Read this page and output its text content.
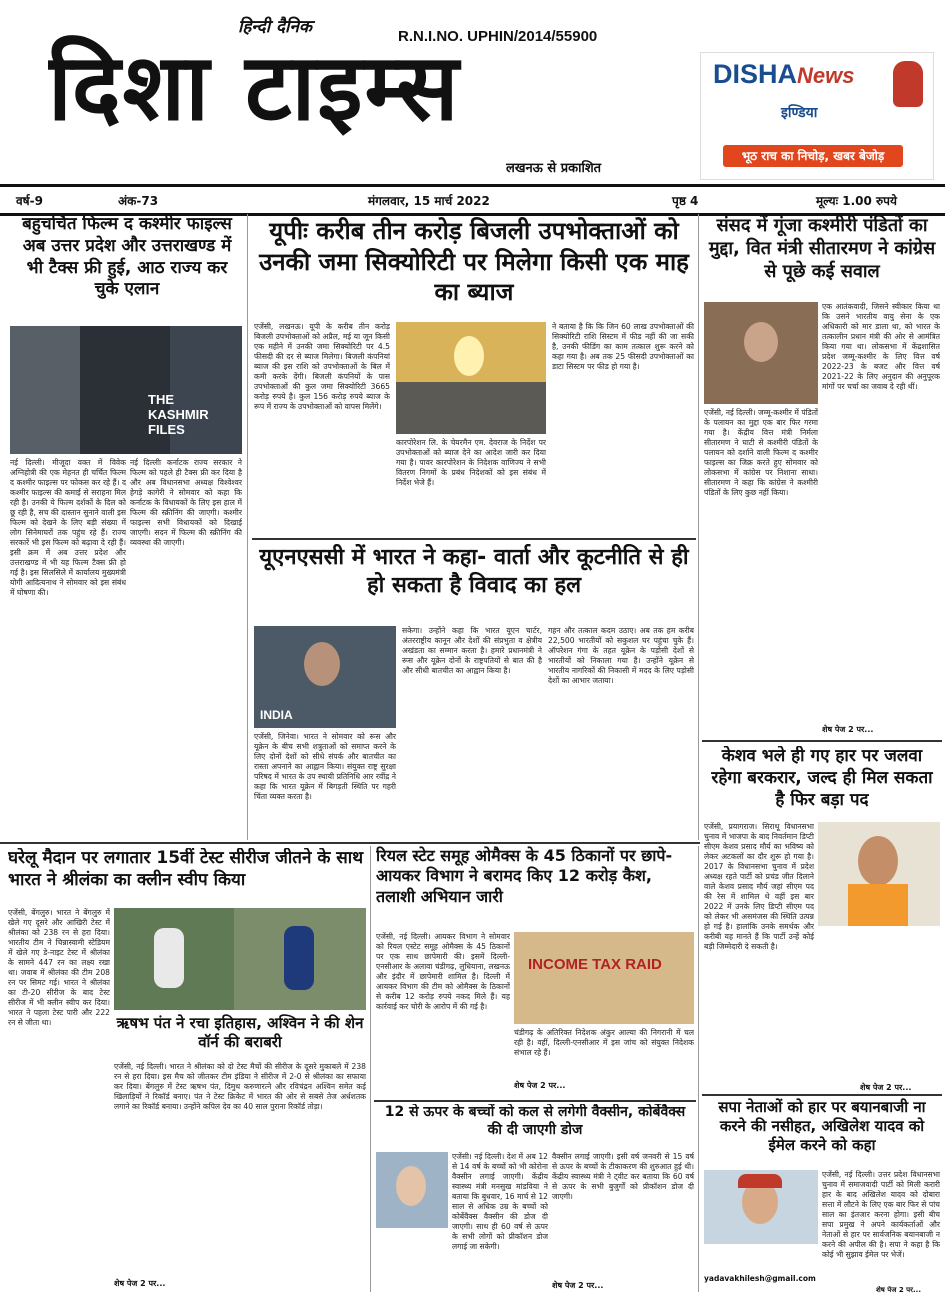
हिन्दी दैनिक
दिशा टाइम्स
R.N.I.NO. UPHIN/2014/55900
लखनऊ से प्रकाशित
DISHANews
इण्डिया
भूठ राच का निचोड़, खबर बेजोड़
वर्ष-9	अंक-73	मंगलवार, 15 मार्च 2022	पृष्ठ 4	मूल्यः 1.00 रुपये
बहुचर्चित फिल्म द कश्मीर फाइल्स अब उत्तर प्रदेश और उत्तराखण्ड में भी टैक्स फ्री हुई, आठ राज्य कर चुके एलान
THE KASHMIR FILES
नई दिल्ली। मीजूदा वक्त में विवेक अग्निहोत्री की एक मेहनत ही चर्चित फिल्म द कश्मीर फाइल्स पर फोकस कर रहे हैं। द कश्मीर फाइल्स की कमाई से सराहना मिल रही है। उनकी ये फिल्म दर्शकों के दिल को छू रही है, सच की दास्तान सुनाने वाली इस फिल्म को देखने के लिए बड़ी संख्या में लोग सिनेमाघरों तक पहुंच रहे हैं। राज्य सरकारें भी इस फिल्म को बढ़ावा दे रही हैं। इसी क्रम में अब उत्तर प्रदेश और उत्तराखण्ड में भी यह फिल्म टैक्स फ्री हो गई है। इस सिलसिले में कार्यालय मुख्यमंत्री योगी आदित्यनाथ ने सोमवार को इस संबंध में घोषणा की।
नई दिल्लीः कर्नाटक राज्य सरकार ने फिल्म को पहले ही टैक्स फ्री कर दिया है और अब विधानसभा अध्यक्ष विश्वेश्वर हेगड़े कागेरी ने सोमवार को कहा कि कर्नाटक के विधायकों के लिए इस हाल में फिल्म की स्क्रीनिंग की जाएगी। कश्मीर फाइल्स सभी विधायकों को दिखाई जाएगी। सदन में फिल्म की स्क्रीनिंग की व्यवस्था की जाएगी।
यूपीः करीब तीन करोड़ बिजली उपभोक्ताओं को उनकी जमा सिक्योरिटी पर मिलेगा किसी एक माह का ब्याज
एजेंसी, लखनऊ। यूपी के करीब तीन करोड़ बिजली उपभोक्ताओं को अप्रैल, मई या जून किसी एक महीने में उनकी जमा सिक्योरिटी पर 4.5 फीसदी की दर से ब्याज मिलेगा। बिजली कंपनियां ब्याज की इस राशि को उपभोक्ताओं के बिल में कमी करके देंगी। बिजली कंपनियों के पास उपभोक्ताओं की कुल जमा सिक्योरिटी 3665 करोड़ रुपये है। कुल 156 करोड़ रुपये ब्याज के रूप में राज्य के उपभोक्ताओं को वापस मिलेंगे।
कारपोरेशन लि. के चेयरमैन एम. देवराज के निर्देश पर उपभोक्ताओं को ब्याज देने का आदेश जारी कर दिया गया है। पावर कारपोरेशन के निदेशक वाणिज्य ने सभी वितरण निगमों के प्रबंध निदेशकों को इस संबंध में निर्देश भेजे हैं।
ने बताया है कि कि जिन 60 लाख उपभोक्ताओं की सिक्योरिटी राशि सिस्टम में फीड नहीं की जा सकी है, उनकी फीडिंग का काम तत्काल शुरू करने को कहा गया है। अब तक 25 फीसदी उपभोक्ताओं का डाटा सिस्टम पर फीड हो गया है।
संसद में गूंजा कश्मीरी पंडितों का मुद्दा, वित मंत्री सीतारमण ने कांग्रेस से पूछे कई सवाल
एजेंसी, नई दिल्ली। जम्मू-कश्मीर में पंडितों के पलायन का मुद्दा एक बार फिर गरमा गया है। केंद्रीय वित्त मंत्री निर्मला सीतारमण ने घाटी से कश्मीरी पंडितों के पलायन को दर्शाने वाली फिल्म द कश्मीर फाइल्स का जिक्र करते हुए सोमवार को लोकसभा में कांग्रेस पर निशाना साधा। सीतारमण ने कहा कि कांग्रेस ने कश्मीरी पंडितों के लिए कुछ नहीं किया।
एक आतंकवादी, जिसने स्वीकार किया था कि उसने भारतीय वायु सेना के एक अधिकारी को मार डाला था, को भारत के तत्कालीन प्रधान मंत्री की ओर से आमंत्रित किया गया था। लोकसभा में केंद्रशासित प्रदेश जम्मू-कश्मीर के लिए वित्त वर्ष 2022-23 के बजट और वित्त वर्ष 2021-22 के लिए अनुदान की अनुपूरक मांगों पर चर्चा का जवाब दे रही थीं।
शेष पेज 2 पर...
यूएनएससी में भारत ने कहा- वार्ता और कूटनीति से ही हो सकता है विवाद का हल
INDIA
एजेंसी, जिनेवा। भारत ने सोमवार को रूस और यूक्रेन के बीच सभी शत्रुताओं को समाप्त करने के लिए दोनों देशों को सीधे संपर्क और बातचीत का रास्ता अपनाने का आह्वान किया। संयुक्त राष्ट्र सुरक्षा परिषद में भारत के उप स्थायी प्रतिनिधि आर रवींद्र ने कहा कि भारत यूक्रेन में बिगड़ती स्थिति पर गहरी चिंता व्यक्त करता है।
सकेगा। उन्होंने कहा कि भारत यूएन चार्टर, अंतरराष्ट्रीय कानून और देशों की संप्रभुता व क्षेत्रीय अखंडता का सम्मान करता है। हमारे प्रधानमंत्री ने रूस और यूक्रेन दोनों के राष्ट्रपतियों से बात की है और सीधी बातचीत का आह्वान किया है।
गहन और तत्काल कदम उठाए। अब तक हम करीब 22,500 भारतीयों को सकुशल घर पहुंचा चुके हैं। ऑपरेशन गंगा के तहत यूक्रेन के पड़ोसी देशों से भारतीयों को निकाला गया है। उन्होंने यूक्रेन से भारतीय नागरिकों की निकासी में मदद के लिए पड़ोसी देशों का आभार जताया।
केशव भले ही गए हार पर जलवा रहेगा बरकरार, जल्द ही मिल सकता है फिर बड़ा पद
घरेलू मैदान पर लगातार 15वीं टेस्ट सीरीज जीतने के साथ भारत ने श्रीलंका का क्लीन स्वीप किया
एजेंसी, बेंगलुरु। भारत ने बेंगलुरु में खेले गए दूसरे और आखिरी टेस्ट में श्रीलंका को 238 रन से हरा दिया। भारतीय टीम ने चिन्नास्वामी स्टेडियम में खेले गए डे-नाइट टेस्ट में श्रीलंका के सामने 447 रन का लक्ष्य रखा था। जवाब में श्रीलंका की टीम 208 रन पर सिमट गई। भारत ने श्रीलंका का टी-20 सीरीज के बाद टेस्ट सीरीज में भी क्लीन स्वीप कर दिया। भारत ने पहला टेस्ट पारी और 222 रन से जीता था।	ऋषभ पंत ने रचा इतिहास, अश्विन ने की शेन वॉर्न की बराबरी
एजेंसी, नई दिल्ली। भारत ने श्रीलंका को दो टेस्ट मैचों की सीरीज के दूसरे मुकाबले में 238 रन से हरा दिया। इस मैच को जीतकर टीम इंडिया ने सीरीज में 2-0 से श्रीलंका का सफाया कर दिया। बेंगलुरु में टेस्ट ऋषभ पंत, दिमुथ करुणारत्ने और रविचंद्रन अश्विन समेत कई खिलाड़ियों ने रिकॉर्ड बनाए। पंत ने टेस्ट क्रिकेट में भारत की ओर से सबसे तेज अर्धशतक लगाने का रिकॉर्ड बनाया। उन्होंने कपिल देव का 40 साल पुराना रिकॉर्ड तोड़ा।
शेष पेज 2 पर...
रियल स्टेट समूह ओमैक्स के 45 ठिकानों पर छापे- आयकर विभाग ने बरामद किए 12 करोड़ कैश, तलाशी अभियान जारी
एजेंसी, नई दिल्ली। आयकर विभाग ने सोमवार को रियल एस्टेट समूह ओमैक्स के 45 ठिकानों पर एक साथ छापेमारी की। इसमें दिल्ली-एनसीआर के अलावा चंडीगढ़, लुधियाना, लखनऊ और इंदौर में छापेमारी शामिल है। दिल्ली में आयकर विभाग की टीम को ओमैक्स के ठिकानों से करीब 12 करोड़ रुपये नकद मिले हैं। यह कार्रवाई कर चोरी के आरोप में की गई है।
INCOME TAX RAID
चंडीगढ़ के अतिरिक्त निदेशक अंकुर आल्या की निगरानी में चल रही है। वहीं, दिल्ली-एनसीआर में इस जांच को संयुक्त निदेशक संभाल रहे हैं।
शेष पेज 2 पर...
12 से ऊपर के बच्चों को कल से लगेगी वैक्सीन, कोर्बेवैक्स की दी जाएगी डोज
एजेंसी। नई दिल्ली। देश में अब 12 से 14 वर्ष के बच्चों को भी कोरोना वैक्सीन लगाई जाएगी। केंद्रीय स्वास्थ्य मंत्री मनसुख मांडविया ने बताया कि बुधवार, 16 मार्च से 12 साल से अधिक उम्र के बच्चों को कोर्बेवैक्स वैक्सीन की डोज दी जाएगी। साथ ही 60 वर्ष से ऊपर के सभी लोगों को प्रीकॉशन डोज लगाई जा सकेगी।
वैक्सीन लगाई जाएगी। इसी वर्ष जनवरी से 15 वर्ष से ऊपर के बच्चों के टीकाकरण की शुरुआत हुई थी। केंद्रीय स्वास्थ्य मंत्री ने ट्वीट कर बताया कि 60 वर्ष से ऊपर के सभी बुजुर्गों को प्रीकॉशन डोज दी जाएगी।
शेष पेज 2 पर...
एजेंसी, प्रयागराज। सिराथू विधानसभा चुनाव में भाजपा के बाद निवर्तमान डिप्टी सीएम केशव प्रसाद मौर्य का भविष्य को लेकर अटकलों का दौर शुरू हो गया है। 2017 के विधानसभा चुनाव में प्रदेश अध्यक्ष रहते पार्टी को प्रचंड जीत दिलाने वाले केशव प्रसाद मौर्य जहां सीएम पद की रेस में शामिल थे वहीं इस बार 2022 में उनके लिए डिप्टी सीएम पद को लेकर भी असमंजस की स्थिति उत्पन्न हो गई है। हालांकि उनके समर्थक और करीबी यह मानते हैं कि पार्टी उन्हें कोई बड़ी जिम्मेदारी दे सकती है।
शेष पेज 2 पर...
सपा नेताओं को हार पर बयानबाजी ना करने की नसीहत, अखिलेश यादव को ईमेल करने को कहा
एजेंसी, नई दिल्ली। उत्तर प्रदेश विधानसभा चुनाव में समाजवादी पार्टी को मिली करारी हार के बाद अखिलेश यादव को दोबारा सत्ता में लौटने के लिए एक बार फिर से पांच साल का इंतजार करना होगा। इसी बीच सपा प्रमुख ने अपने कार्यकर्ताओं और नेताओं से हार पर सार्वजनिक बयानबाजी न करने की अपील की है। सपा ने कहा है कि कोई भी सुझाव ईमेल पर भेजें।
yadavakhilesh@gmail.com
शेष पेज 2 पर...
